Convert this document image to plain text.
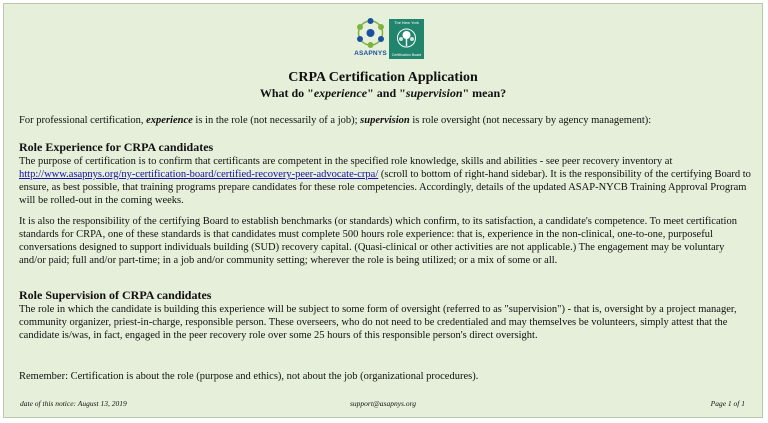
ASAPNYS
The New York
Certification Board
CRPA Certification Application
What do "experience" and "supervision" mean?

For professional certification, experience is in the role (not necessarily of a job); supervision is role oversight (not necessary by agency management):

Role Experience for CRPA candidates

The purpose of certification is to confirm that certificants are competent in the specified role knowledge, skills and abilities - see peer recovery inventory at http://www.asapnys.org/ny-certification-board/certified-recovery-peer-advocate-crpa/ (scroll to bottom of right-hand sidebar). It is the responsibility of the certifying Board to ensure, as best possible, that training programs prepare candidates for these role competencies. Accordingly, details of the updated ASAP-NYCB Training Approval Program will be rolled-out in the coming weeks.

It is also the responsibility of the certifying Board to establish benchmarks (or standards) which confirm, to its satisfaction, a candidate's competence. To meet certification standards for CRPA, one of these standards is that candidates must complete 500 hours role experience: that is, experience in the non-clinical, one-to-one, purposeful conversations designed to support individuals building (SUD) recovery capital. (Quasi-clinical or other activities are not applicable.) The engagement may be voluntary and/or paid; full and/or part-time; in a job and/or community setting; wherever the role is being utilized; or a mix of some or all.

Role Supervision of CRPA candidates

The role in which the candidate is building this experience will be subject to some form of oversight (referred to as "supervision") - that is, oversight by a project manager, community organizer, priest-in-charge, responsible person. These overseers, who do not need to be credentialed and may themselves be volunteers, simply attest that the candidate is/was, in fact, engaged in the peer recovery role over some 25 hours of this responsible person's direct oversight.

Remember: Certification is about the role (purpose and ethics), not about the job (organizational procedures).

date of this notice: August 13, 2019	support@asapnys.org	Page 1 of 1
